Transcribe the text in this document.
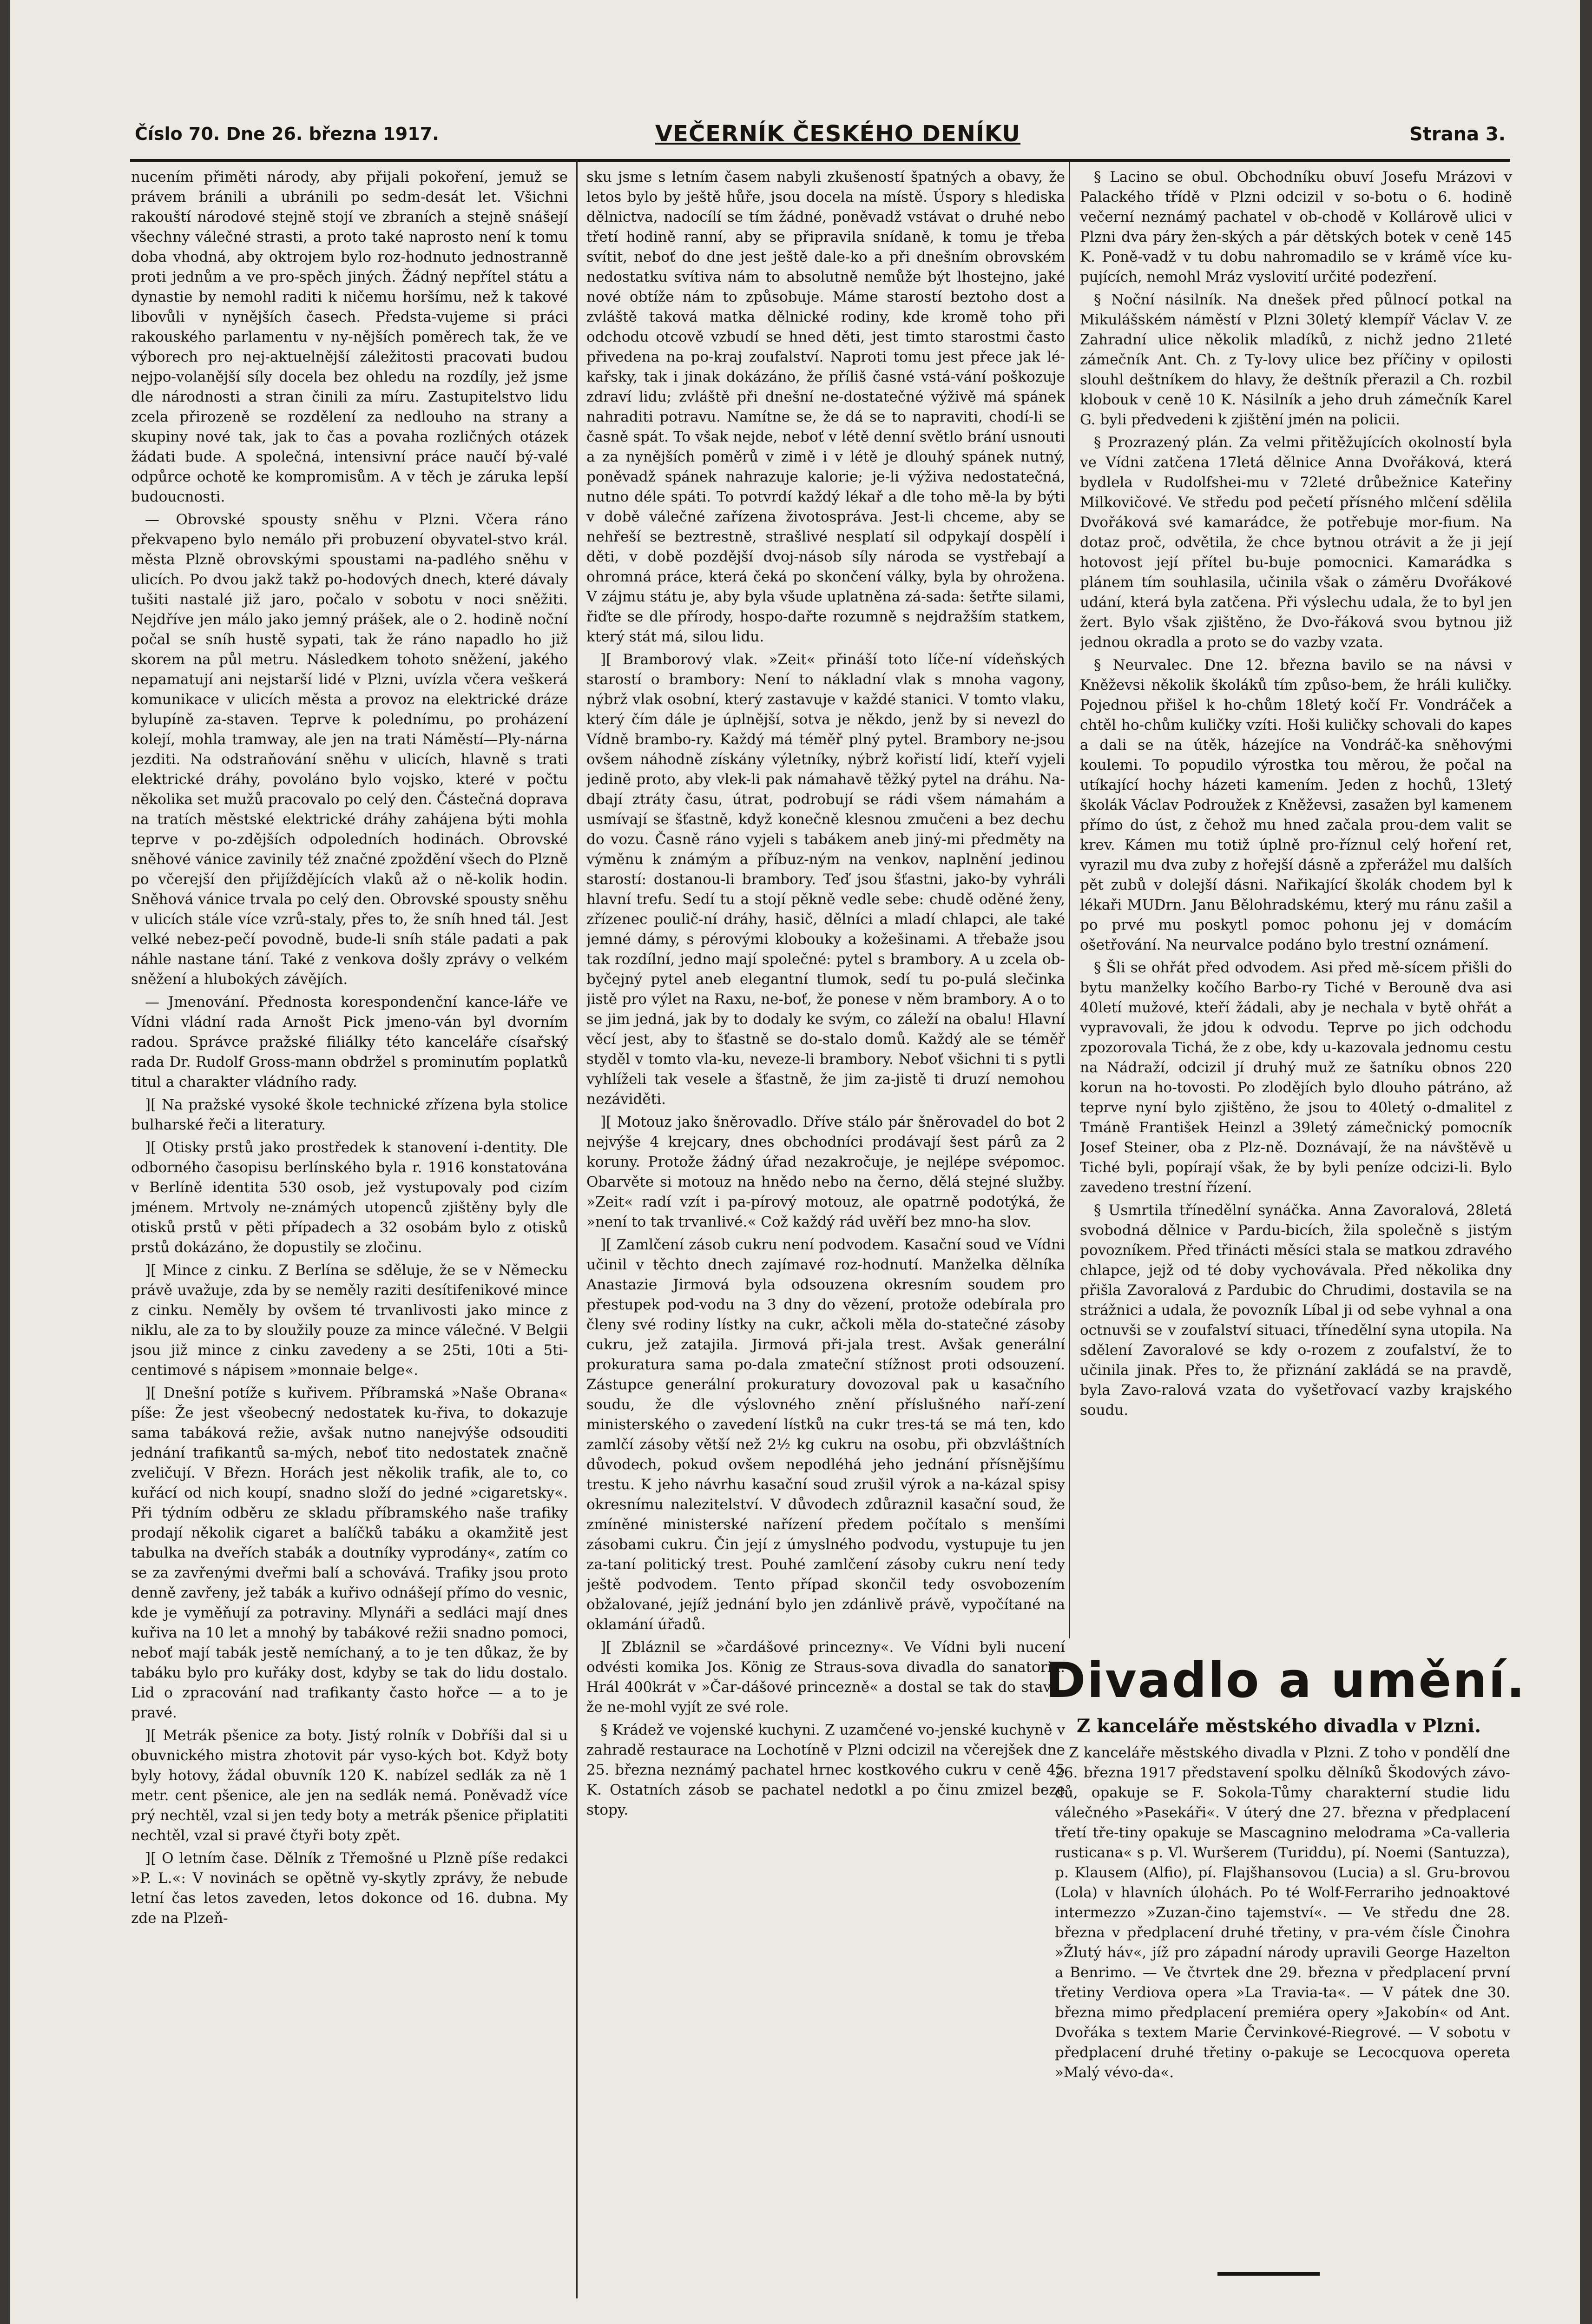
Číslo 70. Dne 26. března 1917.	VEČERNÍK ČESKÉHO DENÍKU	Strana 3.

nucením přiměti národy, aby přijali pokoření, jemuž se právem bránili a ubránili po sedm-desát let. Všichni rakouští národové stejně stojí ve zbraních a stejně snášejí všechny válečné strasti, a proto také naprosto není k tomu doba vhodná, aby oktrojem bylo roz-hodnuto jednostranně proti jednům a ve pro-spěch jiných. Žádný nepřítel státu a dynastie by nemohl raditi k ničemu horšímu, než k takové libovůli v nynějších časech. Předsta-vujeme si práci rakouského parlamentu v ny-nějších poměrech tak, že ve výborech pro nej-aktuelnější záležitosti pracovati budou nejpo-volanější síly docela bez ohledu na rozdíly, jež jsme dle národnosti a stran činili za míru. Zastupitelstvo lidu zcela přirozeně se rozdělení za nedlouho na strany a skupiny nové tak, jak to čas a povaha rozličných otázek žádati bude. A společná, intensivní práce naučí bý-valé odpůrce ochotě ke kompromisům. A v těch je záruka lepší budoucnosti.

— Obrovské spousty sněhu v Plzni. Včera ráno překvapeno bylo nemálo při probuzení obyvatel-stvo král. města Plzně obrovskými spoustami na-padlého sněhu v ulicích. Po dvou jakž takž po-hodových dnech, které dávaly tušiti nastalé již jaro, počalo v sobotu v noci sněžiti. Nejdříve jen málo jako jemný prášek, ale o 2. hodině noční počal se sníh hustě sypati, tak že ráno napadlo ho již skorem na půl metru. Následkem tohoto sněžení, jakého nepamatují ani nejstarší lidé v Plzni, uvízla včera veškerá komunikace v ulicích města a provoz na elektrické dráze bylupíně za-staven. Teprve k polednímu, po proházení kolejí, mohla tramway, ale jen na trati Náměstí—Ply-nárna jezditi. Na odstraňování sněhu v ulicích, hlavně s trati elektrické dráhy, povoláno bylo vojsko, které v počtu několika set mužů pracovalo po celý den. Částečná doprava na tratích městské elektrické dráhy zahájena býti mohla teprve v po-zdějších odpoledních hodinách. Obrovské sněhové vánice zavinily též značné zpoždění všech do Plzně po včerejší den přijíždějících vlaků až o ně-kolik hodin. Sněhová vánice trvala po celý den. Obrovské spousty sněhu v ulicích stále více vzrů-staly, přes to, že sníh hned tál. Jest velké nebez-pečí povodně, bude-li sníh stále padati a pak náhle nastane tání. Také z venkova došly zprávy o velkém sněžení a hlubokých závějích.

— Jmenování. Přednosta korespondenční kance-láře ve Vídni vládní rada Arnošt Pick jmeno-ván byl dvorním radou. Správce pražské filiálky této kanceláře císařský rada Dr. Rudolf Gross-mann obdržel s prominutím poplatků titul a charakter vládního rady.

][ Na pražské vysoké škole technické zřízena byla stolice bulharské řeči a literatury.

][ Otisky prstů jako prostředek k stanovení i-dentity. Dle odborného časopisu berlínského byla r. 1916 konstatována v Berlíně identita 530 osob, jež vystupovaly pod cizím jménem. Mrtvoly ne-známých utopenců zjištěny byly dle otisků prstů v pěti případech a 32 osobám bylo z otisků prstů dokázáno, že dopustily se zločinu.

][ Mince z cinku. Z Berlína se sděluje, že se v Německu právě uvažuje, zda by se neměly raziti desítifenikové mince z cinku. Neměly by ovšem té trvanlivosti jako mince z niklu, ale za to by sloužily pouze za mince válečné. V Belgii jsou již mince z cinku zavedeny a se 25ti, 10ti a 5ti-centimové s nápisem »monnaie belge«.

][ Dnešní potíže s kuřivem. Příbramská »Naše Obrana« píše: Že jest všeobecný nedostatek ku-řiva, to dokazuje sama tabáková režie, avšak nutno nanejvýše odsouditi jednání trafikantů sa-mých, neboť tito nedostatek značně zveličují. V Březn. Horách jest několik trafik, ale to, co kuřácí od nich koupí, snadno složí do jedné »cigaretsky«. Při týdním odběru ze skladu příbramského naše trafiky prodají několik cigaret a balíčků tabáku a okamžitě jest tabulka na dveřích stabák a doutníky vyprodány«, zatím co se za zavřenými dveřmi balí a schovává. Trafiky jsou proto denně zavřeny, jež tabák a kuřivo odnášejí přímo do vesnic, kde je vyměňují za potraviny. Mlynáři a sedláci mají dnes kuřiva na 10 let a mnohý by tabákové režii snadno pomoci, neboť mají tabák jestě nemíchaný, a to je ten důkaz, že by tabáku bylo pro kuřáky dost, kdyby se tak do lidu dostalo. Lid o zpracování nad trafikanty často hořce — a to je pravé.

][ Metrák pšenice za boty. Jistý rolník v Dobříši dal si u obuvnického mistra zhotovit pár vyso-kých bot. Když boty byly hotovy, žádal obuvník 120 K. nabízel sedlák za ně 1 metr. cent pšenice, ale jen na sedlák nemá. Poněvadž více prý nechtěl, vzal si jen tedy boty a metrák pšenice připlatiti nechtěl, vzal si pravé čtyři boty zpět.

][ O letním čase. Dělník z Třemošné u Plzně píše redakci »P. L.«: V novinách se opětně vy-skytly zprávy, že nebude letní čas letos zaveden, letos dokonce od 16. dubna. My zde na Plzeň-

sku jsme s letním časem nabyli zkušeností špatných a obavy, že letos bylo by ještě hůře, jsou docela na místě. Úspory s hlediska dělnictva, nadocílí se tím žádné, poněvadž vstávat o druhé nebo třetí hodině ranní, aby se připravila snídaně, k tomu je třeba svítit, neboť do dne jest ještě dale-ko a při dnešním obrovském nedostatku svítiva nám to absolutně nemůže být lhostejno, jaké nové obtíže nám to způsobuje. Máme starostí beztoho dost a zvláště taková matka dělnické rodiny, kde kromě toho při odchodu otcově vzbudí se hned děti, jest timto starostmi často přivedena na po-kraj zoufalství. Naproti tomu jest přece jak lé-kařsky, tak i jinak dokázáno, že příliš časné vstá-vání poškozuje zdraví lidu; zvláště při dnešní ne-dostatečné výživě má spánek nahraditi potravu. Namítne se, že dá se to napraviti, chodí-li se časně spát. To však nejde, neboť v létě denní světlo brání usnouti a za nynějších poměrů v zimě i v létě je dlouhý spánek nutný, poněvadž spánek nahrazuje kalorie; je-li výživa nedostatečná, nutno déle spáti. To potvrdí každý lékař a dle toho mě-la by býti v době válečné zařízena životospráva. Jest-li chceme, aby se nehřeší se beztrestně, strašlivé nesplatí sil odpykají dospělí i děti, v době pozdější dvoj-násob síly národa se vystřebají a ohromná práce, která čeká po skončení války, byla by ohrožena. V zájmu státu je, aby byla všude uplatněna zá-sada: šetřte silami, řiďte se dle přírody, hospo-dařte rozumně s nejdražším statkem, který stát má, silou lidu.

][ Bramborový vlak. »Zeit« přináší toto líče-ní vídeňských starostí o brambory: Není to nákladní vlak s mnoha vagony, nýbrž vlak osobní, který zastavuje v každé stanici. V tomto vlaku, který čím dále je úplnější, sotva je někdo, jenž by si nevezl do Vídně brambo-ry. Každý má téměř plný pytel. Brambory ne-jsou ovšem náhodně získány výletníky, nýbrž kořistí lidí, kteří vyjeli jedině proto, aby vlek-li pak námahavě těžký pytel na dráhu. Na-dbají ztráty času, útrat, podrobují se rádi všem námahám a usmívají se šťastně, když konečně klesnou zmučeni a bez dechu do vozu. Časně ráno vyjeli s tabákem aneb jiný-mi předměty na výměnu k známým a příbuz-ným na venkov, naplnění jedinou starostí: dostanou-li brambory. Teď jsou šťastni, jako-by vyhráli hlavní trefu. Sedí tu a stojí pěkně vedle sebe: chudě oděné ženy, zřízenec poulič-ní dráhy, hasič, dělníci a mladí chlapci, ale také jemné dámy, s pérovými klobouky a kožešinami. A třebaže jsou tak rozdílní, jedno mají společné: pytel s brambory. A u zcela ob-byčejný pytel aneb elegantní tlumok, sedí tu po-pulá slečinka jistě pro výlet na Raxu, ne-boť, že ponese v něm brambory. A o to se jim jedná, jak by to dodaly ke svým, co záleží na obalu! Hlavní věcí jest, aby to šťastně se do-stalo domů. Každý ale se téměř styděl v tomto vla-ku, neveze-li brambory. Neboť všichni ti s pytli vyhlíželi tak vesele a šťastně, že jim za-jistě ti druzí nemohou nezáviděti.

][ Motouz jako šněrovadlo. Dříve stálo pár šněrovadel do bot 2 nejvýše 4 krejcary, dnes obchodníci prodávají šest párů za 2 koruny. Protože žádný úřad nezakročuje, je nejlépe svépomoc. Obarvěte si motouz na hnědo nebo na černo, dělá stejné služby. »Zeit« radí vzít i pa-pírový motouz, ale opatrně podotýká, že »není to tak trvanlivé.« Což každý rád uvěří bez mno-ha slov.

][ Zamlčení zásob cukru není podvodem. Kasační soud ve Vídni učinil v těchto dnech zajímavé roz-hodnutí. Manželka dělníka Anastazie Jirmová byla odsouzena okresním soudem pro přestupek pod-vodu na 3 dny do vězení, protože odebírala pro členy své rodiny lístky na cukr, ačkoli měla do-statečné zásoby cukru, jež zatajila. Jirmová při-jala trest. Avšak generální prokuratura sama po-dala zmateční stížnost proti odsouzení. Zástupce generální prokuratury dovozoval pak u kasačního soudu, že dle výslovného znění příslušného naří-zení ministerského o zavedení lístků na cukr tres-tá se má ten, kdo zamlčí zásoby větší než 2½ kg cukru na osobu, při obzvláštních důvodech, pokud ovšem nepodléhá jeho jednání přísnějšímu trestu. K jeho návrhu kasační soud zrušil výrok a na-kázal spisy okresnímu nalezitelství. V důvodech zdůraznil kasační soud, že zmíněné ministerské nařízení předem počítalo s menšími zásobami cukru. Čin její z úmyslného podvodu, vystupuje tu jen za-taní politický trest. Pouhé zamlčení zásoby cukru není tedy ještě podvodem. Tento případ skončil tedy osvobozením obžalované, jejíž jednání bylo jen zdánlivě právě, vypočítané na oklamání úřadů.

][ Zbláznil se »čardášové princezny«. Ve Vídni byli nucení odvésti komika Jos. König ze Straus-sova divadla do sanatoria. Hrál 400krát v »Čar-dášové princezně« a dostal se tak do stavu, že ne-mohl vyjít ze své role.

§ Krádež ve vojenské kuchyni. Z uzamčené vo-jenské kuchyně v zahradě restaurace na Lochotíně v Plzni odcizil na včerejšek dne 25. března neznámý pachatel hrnec kostkového cukru v ceně 45 K. Ostatních zásob se pachatel nedotkl a po činu zmizel beze stopy.

§ Lacino se obul. Obchodníku obuví Josefu Mrázovi v Palackého třídě v Plzni odcizil v so-botu o 6. hodině večerní neznámý pachatel v ob-chodě v Kollárově ulici v Plzni dva páry žen-ských a pár dětských botek v ceně 145 K. Poně-vadž v tu dobu nahromadilo se v krámě více ku-pujících, nemohl Mráz vyslovití určité podezření.

§ Noční násilník. Na dnešek před půlnocí potkal na Mikulášském náměstí v Plzni 30letý klempíř Václav V. ze Zahradní ulice několik mladíků, z nichž jedno 21leté zámečník Ant. Ch. z Ty-lovy ulice bez příčiny v opilosti slouhl deštníkem do hlavy, že deštník přerazil a Ch. rozbil klobouk v ceně 10 K. Násilník a jeho druh zámečník Karel G. byli předvedeni k zjištění jmén na policii.

§ Prozrazený plán. Za velmi přitěžujících okolností byla ve Vídni zatčena 17letá dělnice Anna Dvořáková, která bydlela v Rudolfshei-mu v 72leté drůbežnice Kateřiny Milkovičové. Ve středu pod pečetí přísného mlčení sdělila Dvořáková své kamarádce, že potřebuje mor-fium. Na dotaz proč, odvětila, že chce bytnou otrávit a že ji její hotovost její přítel bu-buje pomocnici. Kamarádka s plánem tím souhlasila, učinila však o záměru Dvořákové udání, která byla zatčena. Při výslechu udala, že to byl jen žert. Bylo však zjištěno, že Dvo-řáková svou bytnou již jednou okradla a proto se do vazby vzata.

§ Neurvalec. Dne 12. března bavilo se na návsi v Kněževsi několik školáků tím způso-bem, že hráli kuličky. Pojednou přišel k ho-chům 18letý kočí Fr. Vondráček a chtěl ho-chům kuličky vzíti. Hoši kuličky schovali do kapes a dali se na útěk, házejíce na Vondráč-ka sněhovými koulemi. To popudilo výrostka tou měrou, že počal na utíkající hochy házeti kamením. Jeden z hochů, 13letý školák Václav Podroužek z Kněževsi, zasažen byl kamenem přímo do úst, z čehož mu hned začala prou-dem valit se krev. Kámen mu totiž úplně pro-říznul celý hoření ret, vyrazil mu dva zuby z hořejší dásně a zpřerážel mu dalších pět zubů v dolejší dásni. Nařikající školák chodem byl k lékaři MUDrn. Janu Bělohradskému, který mu ránu zašil a po prvé mu poskytl pomoc pohonu jej v domácím ošetřování. Na neurvalce podáno bylo trestní oznámení.

§ Šli se ohřát před odvodem. Asi před mě-sícem přišli do bytu manželky kočího Barbo-ry Tiché v Berouně dva asi 40letí mužové, kteří žádali, aby je nechala v bytě ohřát a vypravovali, že jdou k odvodu. Teprve po jich odchodu zpozorovala Tichá, že z obe, kdy u-kazovala jednomu cestu na Nádraží, odcizil jí druhý muž ze šatníku obnos 220 korun na ho-tovosti. Po zlodějích bylo dlouho pátráno, až teprve nyní bylo zjištěno, že jsou to 40letý o-dmalitel z Tmáně František Heinzl a 39letý zámečnický pomocník Josef Steiner, oba z Plz-ně. Doznávají, že na návštěvě u Tiché byli, popírají však, že by byli peníze odcizi-li. Bylo zavedeno trestní řízení.

§ Usmrtila třínedělní synáčka. Anna Zavoralová, 28letá svobodná dělnice v Pardu-bicích, žila společně s jistým povozníkem. Před třinácti měsíci stala se matkou zdravého chlapce, jejž od té doby vychovávala. Před několika dny přišla Zavoralová z Pardubic do Chrudimi, dostavila se na strážnici a udala, že povozník Líbal ji od sebe vyhnal a ona octnuvši se v zoufalství situaci, třínedělní syna utopila. Na sdělení Zavoralové se kdy o-rozem z zoufalství, že to učinila jinak. Přes to, že přiznání zakládá se na pravdě, byla Zavo-ralová vzata do vyšetřovací vazby krajského soudu.

Divadlo a umění.
Z kanceláře městského divadla v Plzni.

Z kanceláře městského divadla v Plzni. Z toho v pondělí dne 26. března 1917 představení spolku dělníků Škodových závo-dů, opakuje se F. Sokola-Tůmy charakterní studie lidu válečného »Pasekáři«. V úterý dne 27. března v předplacení třetí tře-tiny opakuje se Mascagnino melodrama »Ca-valleria rusticana« s p. Vl. Wuršerem (Turiddu), pí. Noemi (Santuzza), p. Klausem (Alfio), pí. Flajšhansovou (Lucia) a sl. Gru-brovou (Lola) v hlavních úlohách. Po té Wolf-Ferrariho jednoaktové intermezzo »Zuzan-čino tajemství«. — Ve středu dne 28. března v předplacení druhé třetiny, v pra-vém čísle Činohra »Žlutý háv«, jíž pro západní národy upravili George Hazelton a Benrimo. — Ve čtvrtek dne 29. března v předplacení první třetiny Verdiova opera »La Travia-ta«. — V pátek dne 30. března mimo předplacení premiéra opery »Jakobín« od Ant. Dvořáka s textem Marie Červinkové-Riegrové. — V sobotu v předplacení druhé třetiny o-pakuje se Lecocquova opereta »Malý vévo-da«.
